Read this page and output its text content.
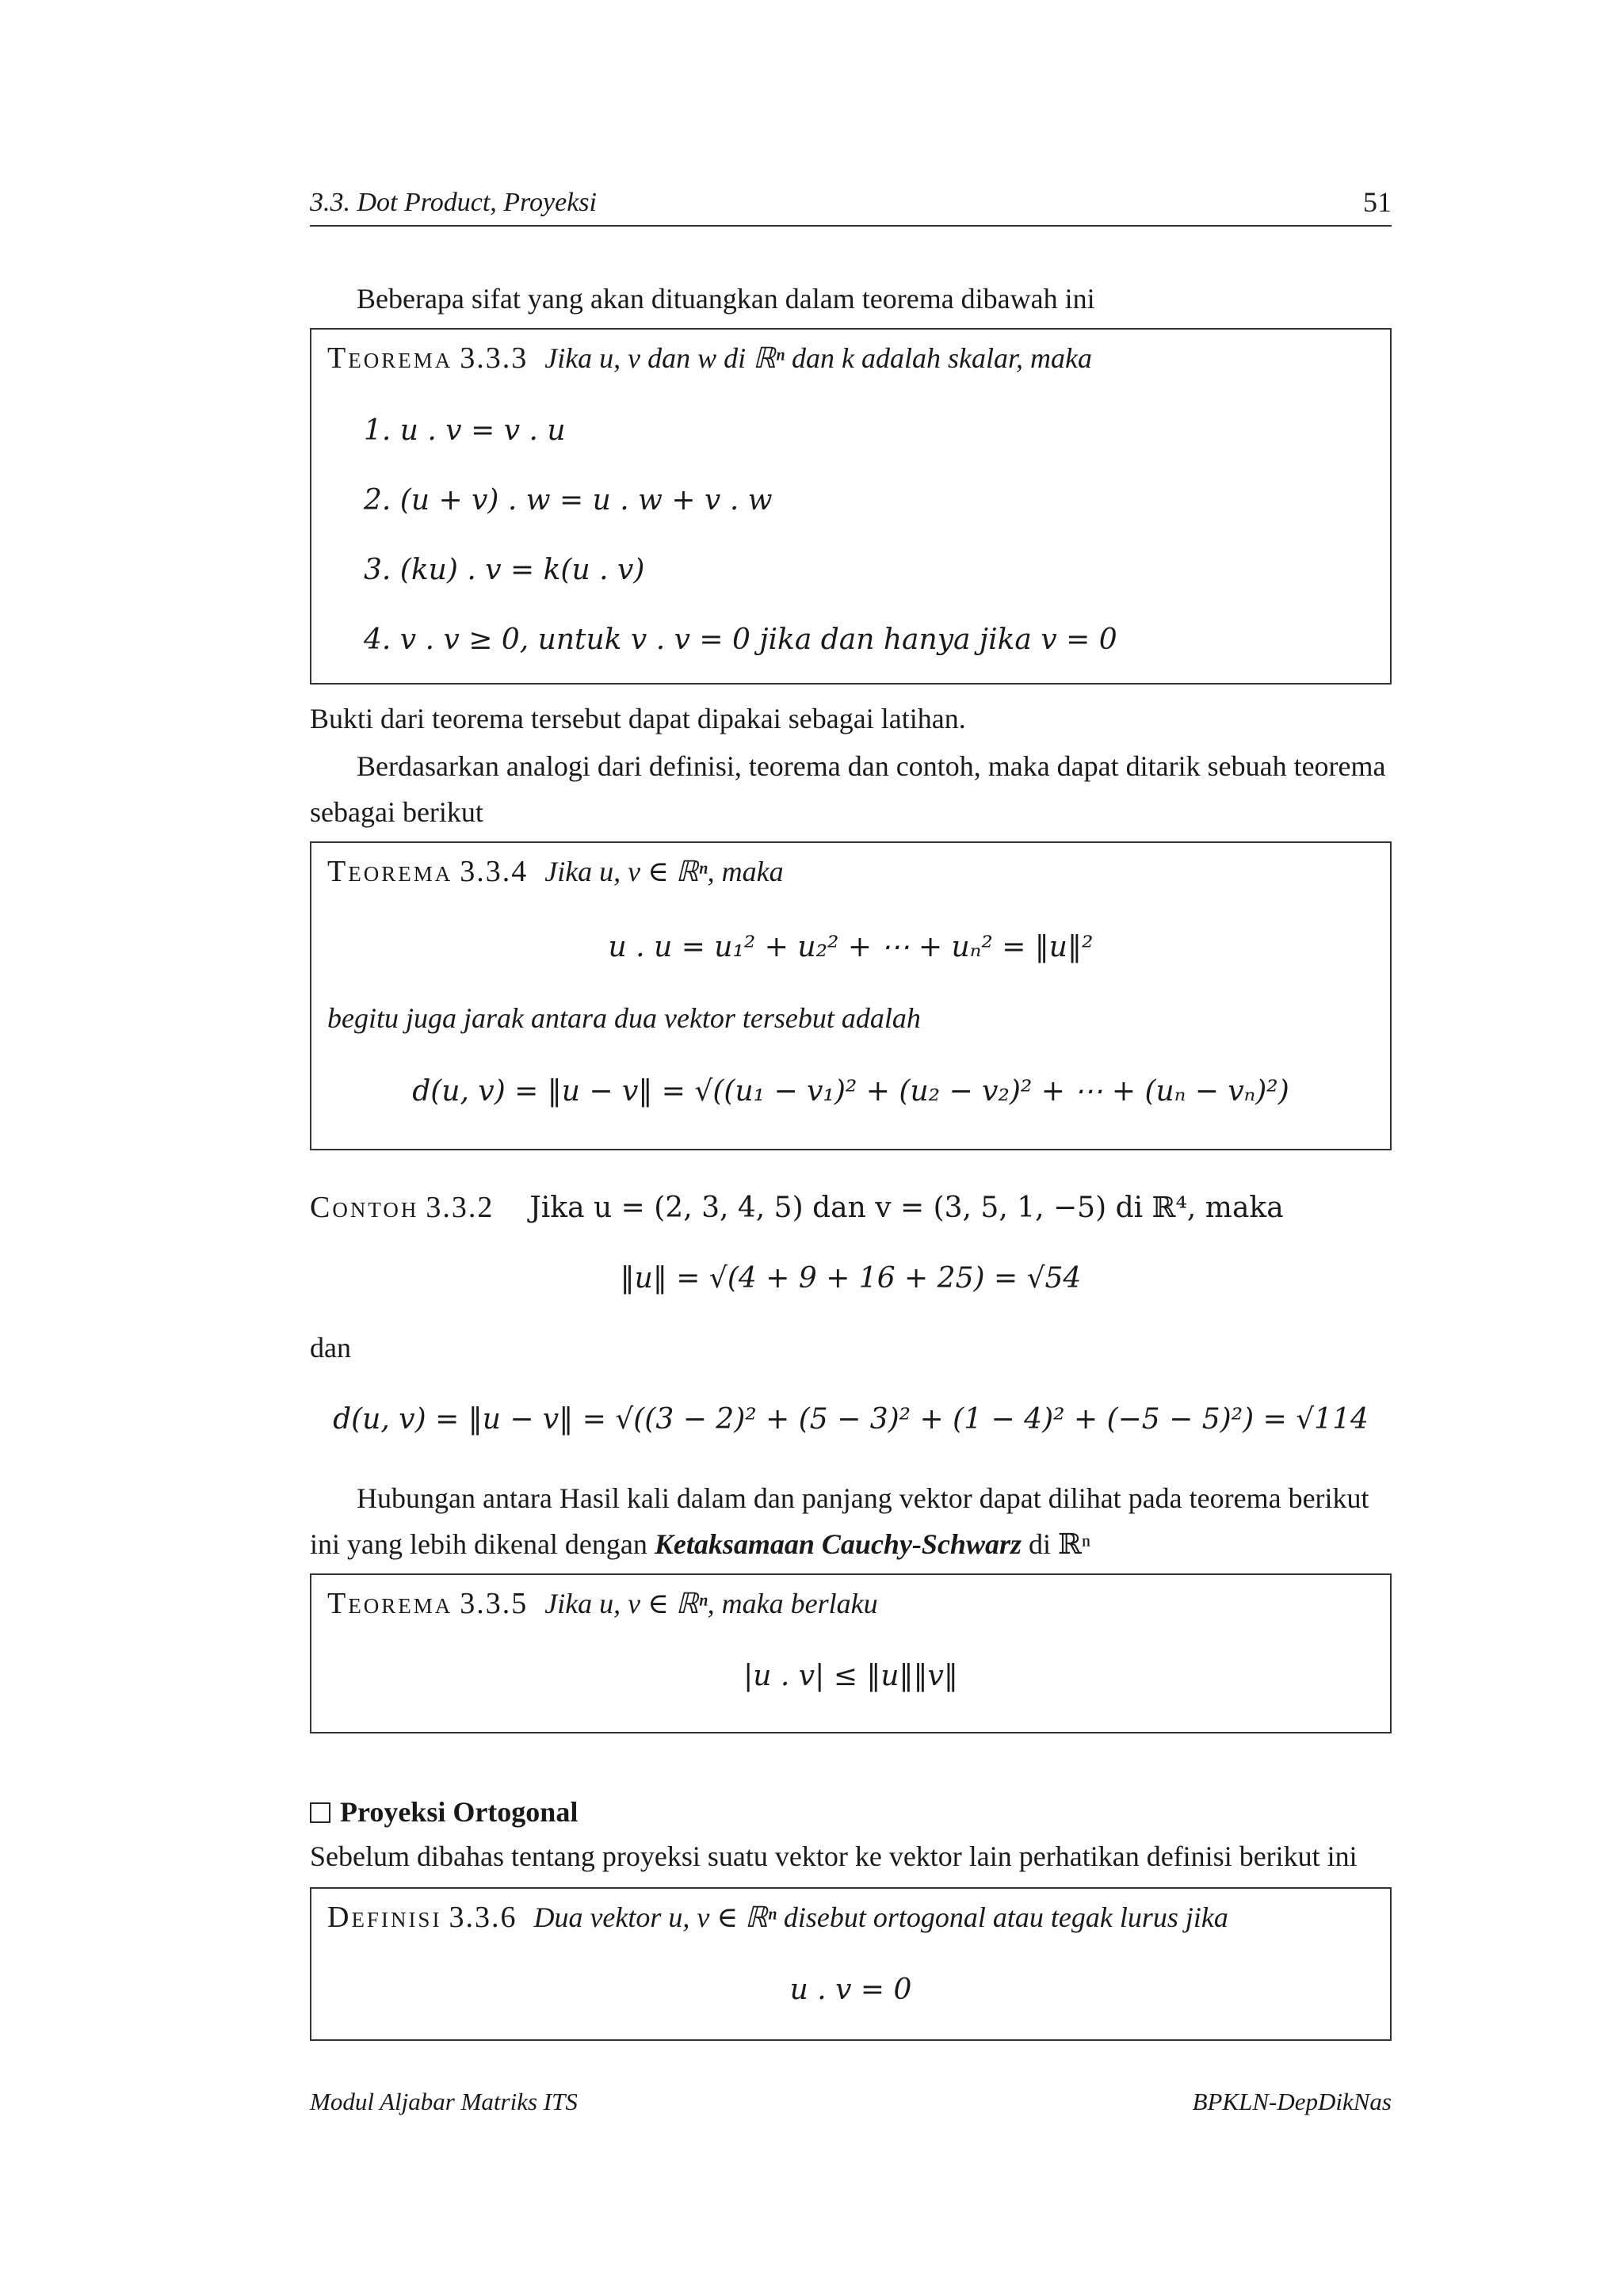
3.3. Dot Product, Proyeksi	51
Beberapa sifat yang akan dituangkan dalam teorema dibawah ini
Teorema 3.3.3 Jika u, v dan w di ℝⁿ dan k adalah skalar, maka
1. u . v = v . u
2. (u + v) . w = u . w + v . w
3. (ku) . v = k(u . v)
4. v . v ≥ 0, untuk v . v = 0 jika dan hanya jika v = 0
Bukti dari teorema tersebut dapat dipakai sebagai latihan.
Berdasarkan analogi dari definisi, teorema dan contoh, maka dapat ditarik sebuah teorema
sebagai berikut
Teorema 3.3.4 Jika u, v ∈ ℝⁿ, maka
u . u = u₁² + u₂² + ⋯ + uₙ² = ‖u‖²
begitu juga jarak antara dua vektor tersebut adalah
d(u, v) = ‖u − v‖ = √((u₁ − v₁)² + (u₂ − v₂)² + ⋯ + (uₙ − vₙ)²)
Contoh 3.3.2 Jika u = (2, 3, 4, 5) dan v = (3, 5, 1, −5) di ℝ⁴, maka
‖u‖ = √(4 + 9 + 16 + 25) = √54
dan
d(u, v) = ‖u − v‖ = √((3 − 2)² + (5 − 3)² + (1 − 4)² + (−5 − 5)²) = √114
Hubungan antara Hasil kali dalam dan panjang vektor dapat dilihat pada teorema berikut
ini yang lebih dikenal dengan Ketaksamaan Cauchy-Schwarz di ℝⁿ
Teorema 3.3.5 Jika u, v ∈ ℝⁿ, maka berlaku
|u . v| ≤ ‖u‖‖v‖
Proyeksi Ortogonal
Sebelum dibahas tentang proyeksi suatu vektor ke vektor lain perhatikan definisi berikut ini
Definisi 3.3.6 Dua vektor u, v ∈ ℝⁿ disebut ortogonal atau tegak lurus jika
u . v = 0
Modul Aljabar Matriks ITS	BPKLN-DepDikNas
